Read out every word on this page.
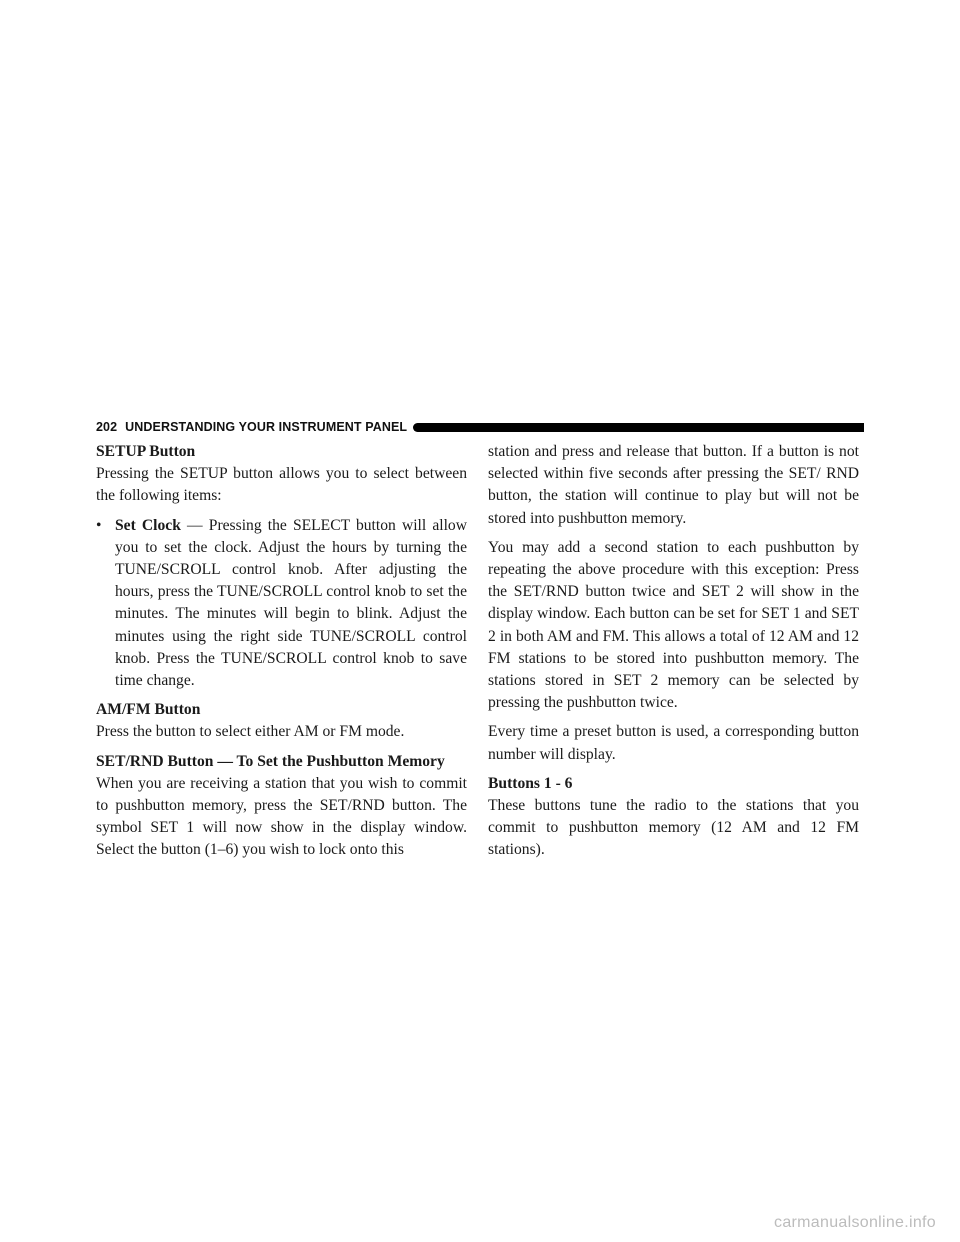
202 UNDERSTANDING YOUR INSTRUMENT PANEL

SETUP Button

Pressing the SETUP button allows you to select between the following items:

• Set Clock — Pressing the SELECT button will allow you to set the clock. Adjust the hours by turning the TUNE/SCROLL control knob. After adjusting the hours, press the TUNE/SCROLL control knob to set the minutes. The minutes will begin to blink. Adjust the minutes using the right side TUNE/SCROLL control knob. Press the TUNE/SCROLL control knob to save time change.

AM/FM Button

Press the button to select either AM or FM mode.

SET/RND Button — To Set the Pushbutton Memory

When you are receiving a station that you wish to commit to pushbutton memory, press the SET/RND button. The symbol SET 1 will now show in the display window. Select the button (1–6) you wish to lock onto this

station and press and release that button. If a button is not selected within five seconds after pressing the SET/ RND button, the station will continue to play but will not be stored into pushbutton memory.

You may add a second station to each pushbutton by repeating the above procedure with this exception: Press the SET/RND button twice and SET 2 will show in the display window. Each button can be set for SET 1 and SET 2 in both AM and FM. This allows a total of 12 AM and 12 FM stations to be stored into pushbutton memory. The stations stored in SET 2 memory can be selected by pressing the pushbutton twice.

Every time a preset button is used, a corresponding button number will display.

Buttons 1 - 6

These buttons tune the radio to the stations that you commit to pushbutton memory (12 AM and 12 FM stations).

carmanualsonline.info
